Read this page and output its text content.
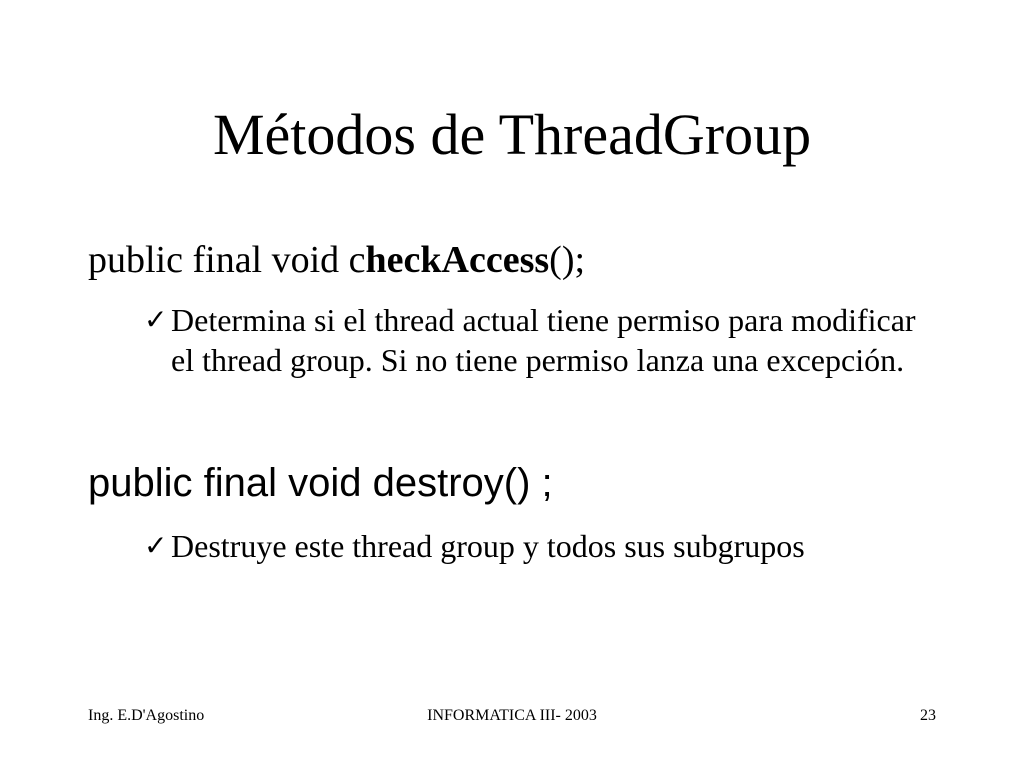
Métodos de ThreadGroup

public final void checkAccess();

✓ Determina si el thread actual tiene permiso para modificar el thread group. Si no tiene permiso lanza una excepción.

public final void destroy() ;

✓ Destruye este thread group y todos sus subgrupos
Ing. E.D'Agostino	INFORMATICA III- 2003	23
